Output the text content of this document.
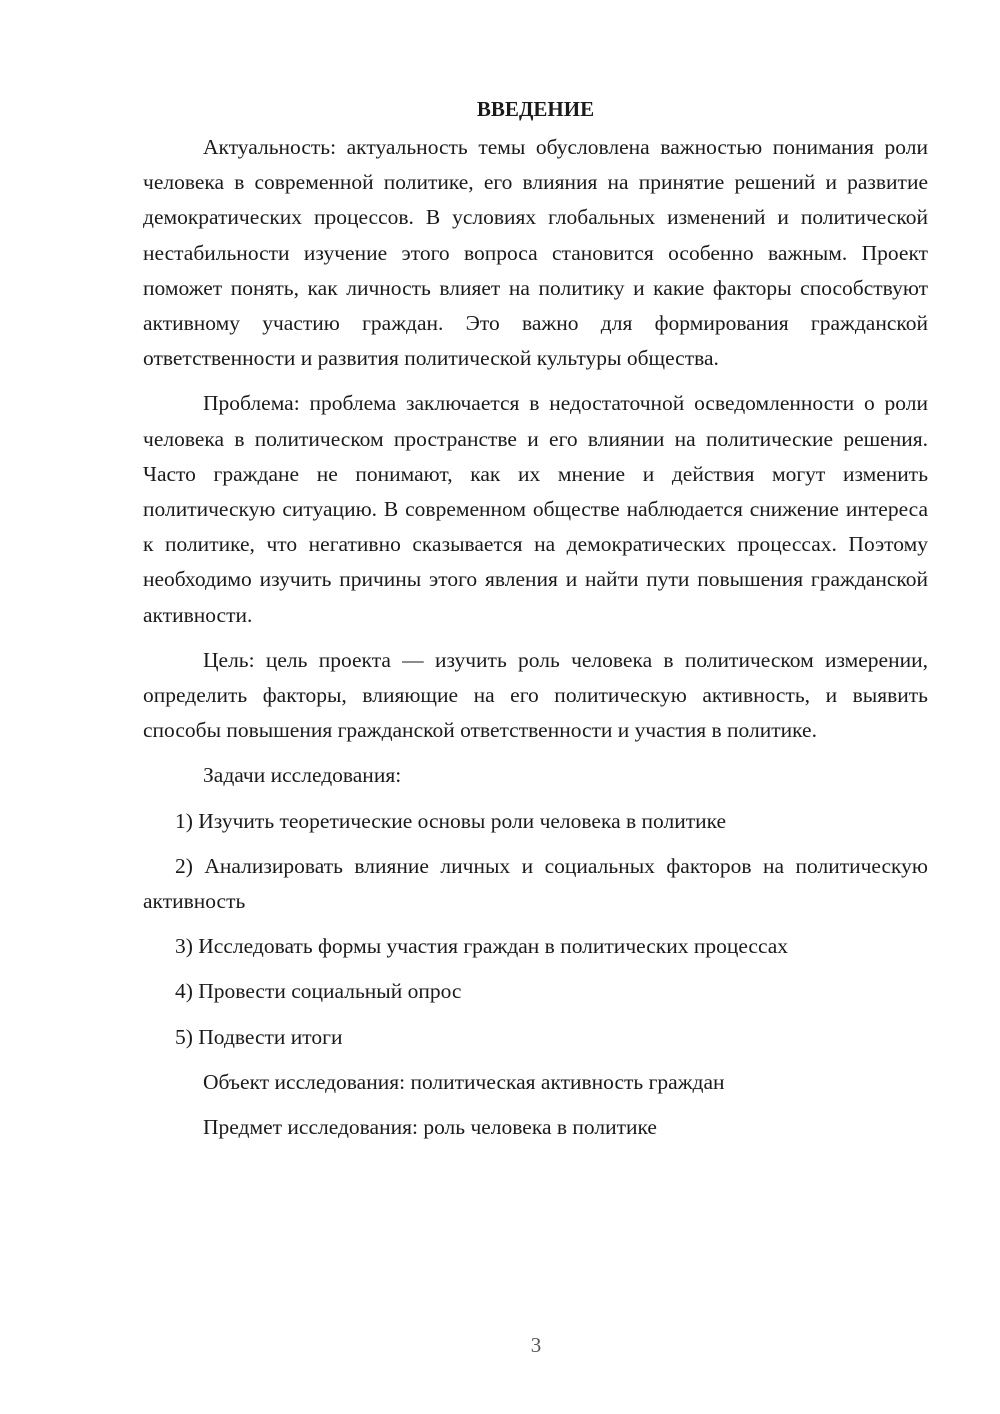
ВВЕДЕНИЕ

Актуальность: актуальность темы обусловлена важностью понимания роли человека в современной политике, его влияния на принятие решений и развитие демократических процессов. В условиях глобальных изменений и политической нестабильности изучение этого вопроса становится особенно важным. Проект поможет понять, как личность влияет на политику и какие факторы способствуют активному участию граждан. Это важно для формирования гражданской ответственности и развития политической культуры общества.

Проблема: проблема заключается в недостаточной осведомленности о роли человека в политическом пространстве и его влиянии на политические решения. Часто граждане не понимают, как их мнение и действия могут изменить политическую ситуацию. В современном обществе наблюдается снижение интереса к политике, что негативно сказывается на демократических процессах. Поэтому необходимо изучить причины этого явления и найти пути повышения гражданской активности.

Цель: цель проекта — изучить роль человека в политическом измерении, определить факторы, влияющие на его политическую активность, и выявить способы повышения гражданской ответственности и участия в политике.

Задачи исследования:

1) Изучить теоретические основы роли человека в политике

2) Анализировать влияние личных и социальных факторов на политическую активность

3) Исследовать формы участия граждан в политических процессах

4) Провести социальный опрос

5) Подвести итоги

Объект исследования: политическая активность граждан

Предмет исследования: роль человека в политике

3
